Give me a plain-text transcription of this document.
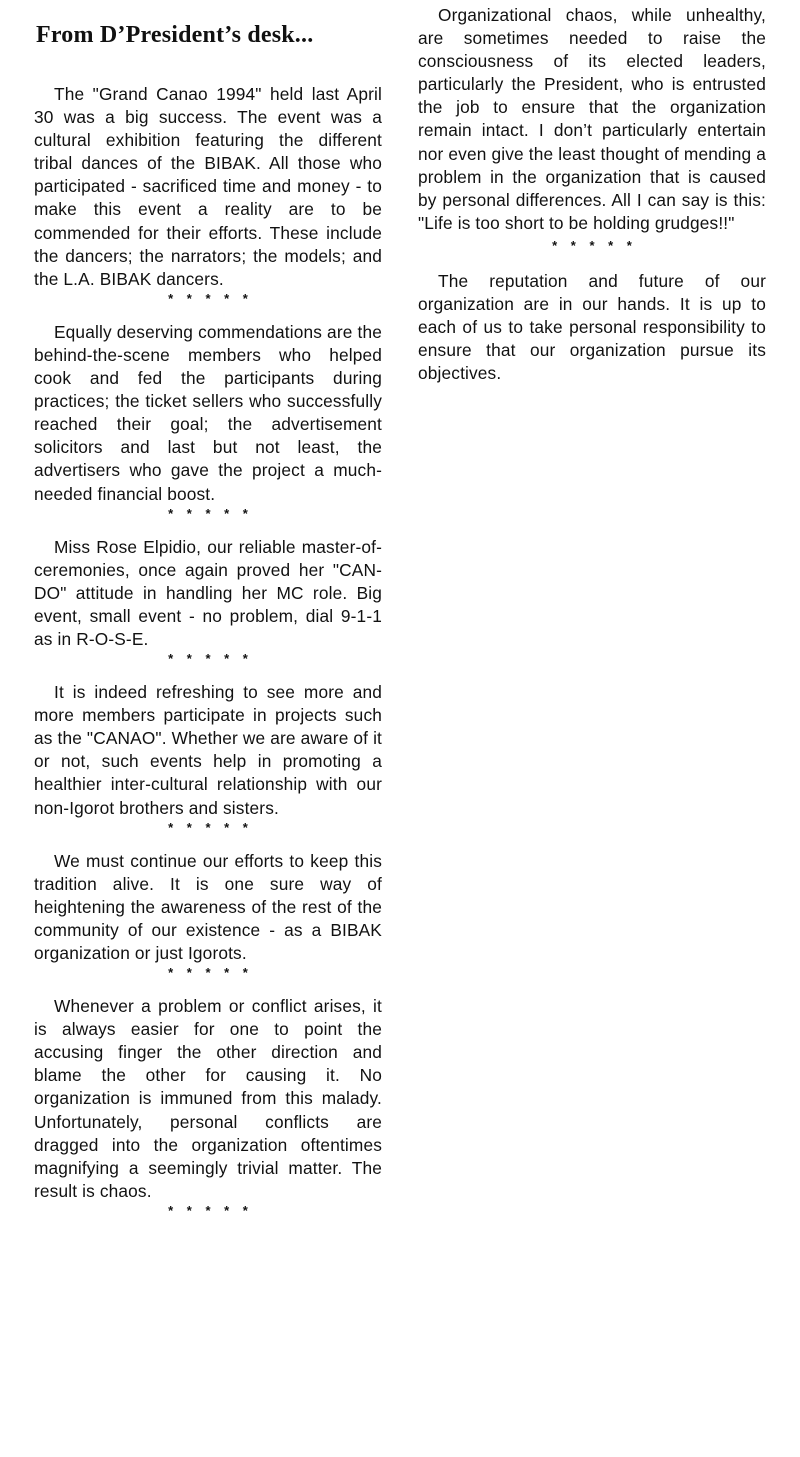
From D’President’s desk...

The "Grand Canao 1994" held last April 30 was a big success. The event was a cultural exhibition featuring the different tribal dances of the BIBAK. All those who participated - sacrificed time and money - to make this event a reality are to be commended for their efforts. These include the dancers; the narrators; the models; and the L.A. BIBAK dancers.

* * * * *

Equally deserving commendations are the behind-the-scene members who helped cook and fed the participants during practices; the ticket sellers who successfully reached their goal; the advertisement solicitors and last but not least, the advertisers who gave the project a much-needed financial boost.

* * * * *

Miss Rose Elpidio, our reliable master-of-ceremonies, once again proved her "CAN-DO" attitude in handling her MC role. Big event, small event - no problem, dial 9-1-1 as in R-O-S-E.

* * * * *

It is indeed refreshing to see more and more members participate in projects such as the "CANAO". Whether we are aware of it or not, such events help in promoting a healthier inter-cultural relationship with our non-Igorot brothers and sisters.

* * * * *

We must continue our efforts to keep this tradition alive. It is one sure way of heightening the awareness of the rest of the community of our existence - as a BIBAK organization or just Igorots.

* * * * *

Whenever a problem or conflict arises, it is always easier for one to point the accusing finger the other direction and blame the other for causing it. No organization is immuned from this malady. Unfortunately, personal conflicts are dragged into the organization oftentimes magnifying a seemingly trivial matter. The result is chaos.

* * * * *

Organizational chaos, while unhealthy, are sometimes needed to raise the consciousness of its elected leaders, particularly the President, who is entrusted the job to ensure that the organization remain intact. I don’t particularly entertain nor even give the least thought of mending a problem in the organization that is caused by personal differences. All I can say is this: "Life is too short to be holding grudges!!"

* * * * *

The reputation and future of our organization are in our hands. It is up to each of us to take personal responsibility to ensure that our organization pursue its objectives.
